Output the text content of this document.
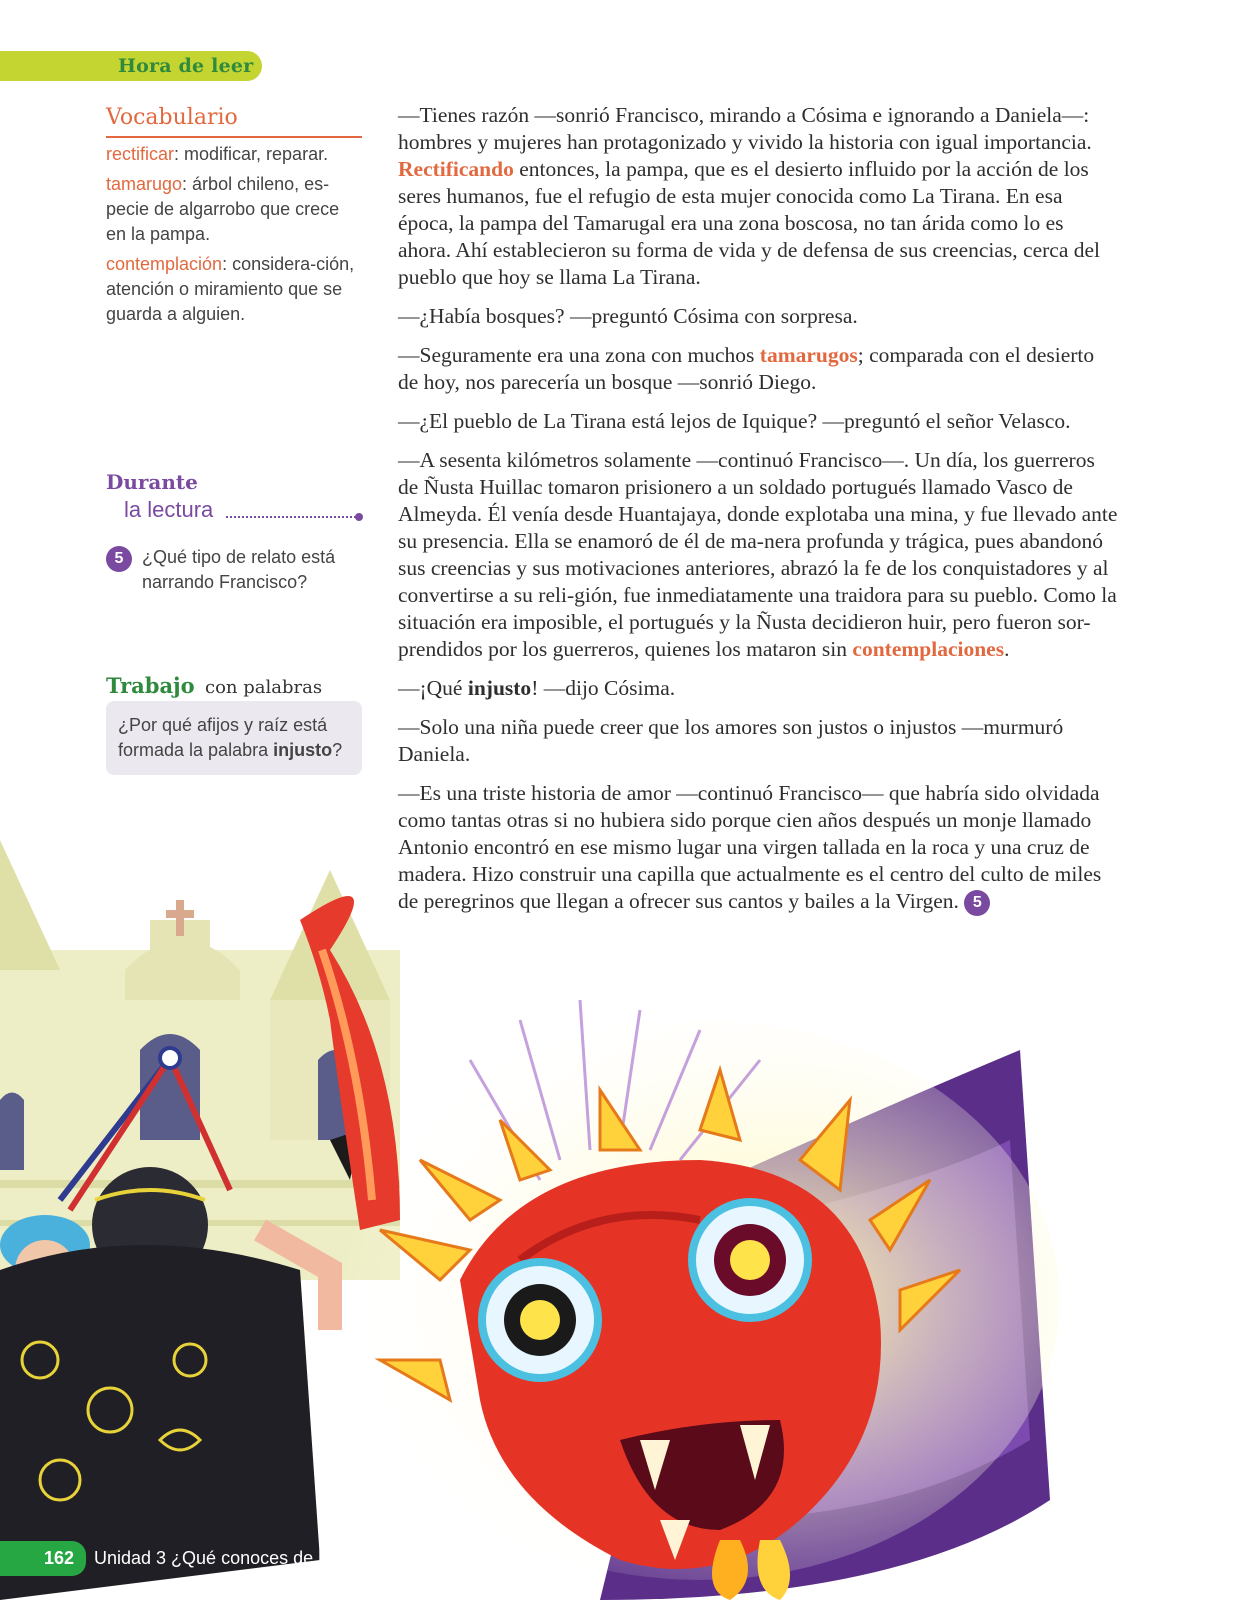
Hora de leer
Vocabulario
rectificar: modificar, reparar.
tamarugo: árbol chileno, es-pecie de algarrobo que crece en la pampa.
contemplación: considera-ción, atención o miramiento que se guarda a alguien.
Durante
la lectura
5	¿Qué tipo de relato está narrando Francisco?
Trabajo con palabras
¿Por qué afijos y raíz está formada la palabra injusto?

—Tienes razón —sonrió Francisco, mirando a Cósima e ignorando a Daniela—: hombres y mujeres han protagonizado y vivido la historia con igual importancia. Rectificando entonces, la pampa, que es el desierto influido por la acción de los seres humanos, fue el refugio de esta mujer conocida como La Tirana. En esa época, la pampa del Tamarugal era una zona boscosa, no tan árida como lo es ahora. Ahí establecieron su forma de vida y de defensa de sus creencias, cerca del pueblo que hoy se llama La Tirana.

—¿Había bosques? —preguntó Cósima con sorpresa.

—Seguramente era una zona con muchos tamarugos; comparada con el desierto de hoy, nos parecería un bosque —sonrió Diego.

—¿El pueblo de La Tirana está lejos de Iquique? —preguntó el señor Velasco.

—A sesenta kilómetros solamente —continuó Francisco—. Un día, los guerreros de Ñusta Huillac tomaron prisionero a un soldado portugués llamado Vasco de Almeyda. Él venía desde Huantajaya, donde explotaba una mina, y fue llevado ante su presencia. Ella se enamoró de él de ma-nera profunda y trágica, pues abandonó sus creencias y sus motivaciones anteriores, abrazó la fe de los conquistadores y al convertirse a su reli-gión, fue inmediatamente una traidora para su pueblo. Como la situación era imposible, el portugués y la Ñusta decidieron huir, pero fueron sor-prendidos por los guerreros, quienes los mataron sin contemplaciones.

—¡Qué injusto! —dijo Cósima.

—Solo una niña puede creer que los amores son justos o injustos —murmuró Daniela.

—Es una triste historia de amor —continuó Francisco— que habría sido olvidada como tantas otras si no hubiera sido porque cien años después un monje llamado Antonio encontró en ese mismo lugar una virgen tallada en la roca y una cruz de madera. Hizo construir una capilla que actualmente es el centro del culto de miles de peregrinos que llegan a ofrecer sus cantos y bailes a la Virgen. 5

162 Unidad 3 ¿Qué conoces de las culturas de Chile?
